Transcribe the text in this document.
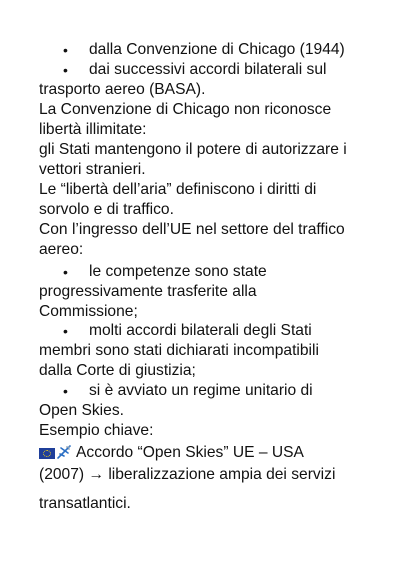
• dalla Convenzione di Chicago (1944)
• dai successivi accordi bilaterali sul
trasporto aereo (BASA).
La Convenzione di Chicago non riconosce
libertà illimitate:
gli Stati mantengono il potere di autorizzare i
vettori stranieri.
Le “libertà dell’aria” definiscono i diritti di
sorvolo e di traffico.
Con l’ingresso dell’UE nel settore del traffico
aereo:
• le competenze sono state
progressivamente trasferite alla
Commissione;
• molti accordi bilaterali degli Stati
membri sono stati dichiarati incompatibili
dalla Corte di giustizia;
• si è avviato un regime unitario di
Open Skies.
Esempio chiave:
Accordo “Open Skies” UE – USA
(2007) → liberalizzazione ampia dei servizi
transatlantici.
